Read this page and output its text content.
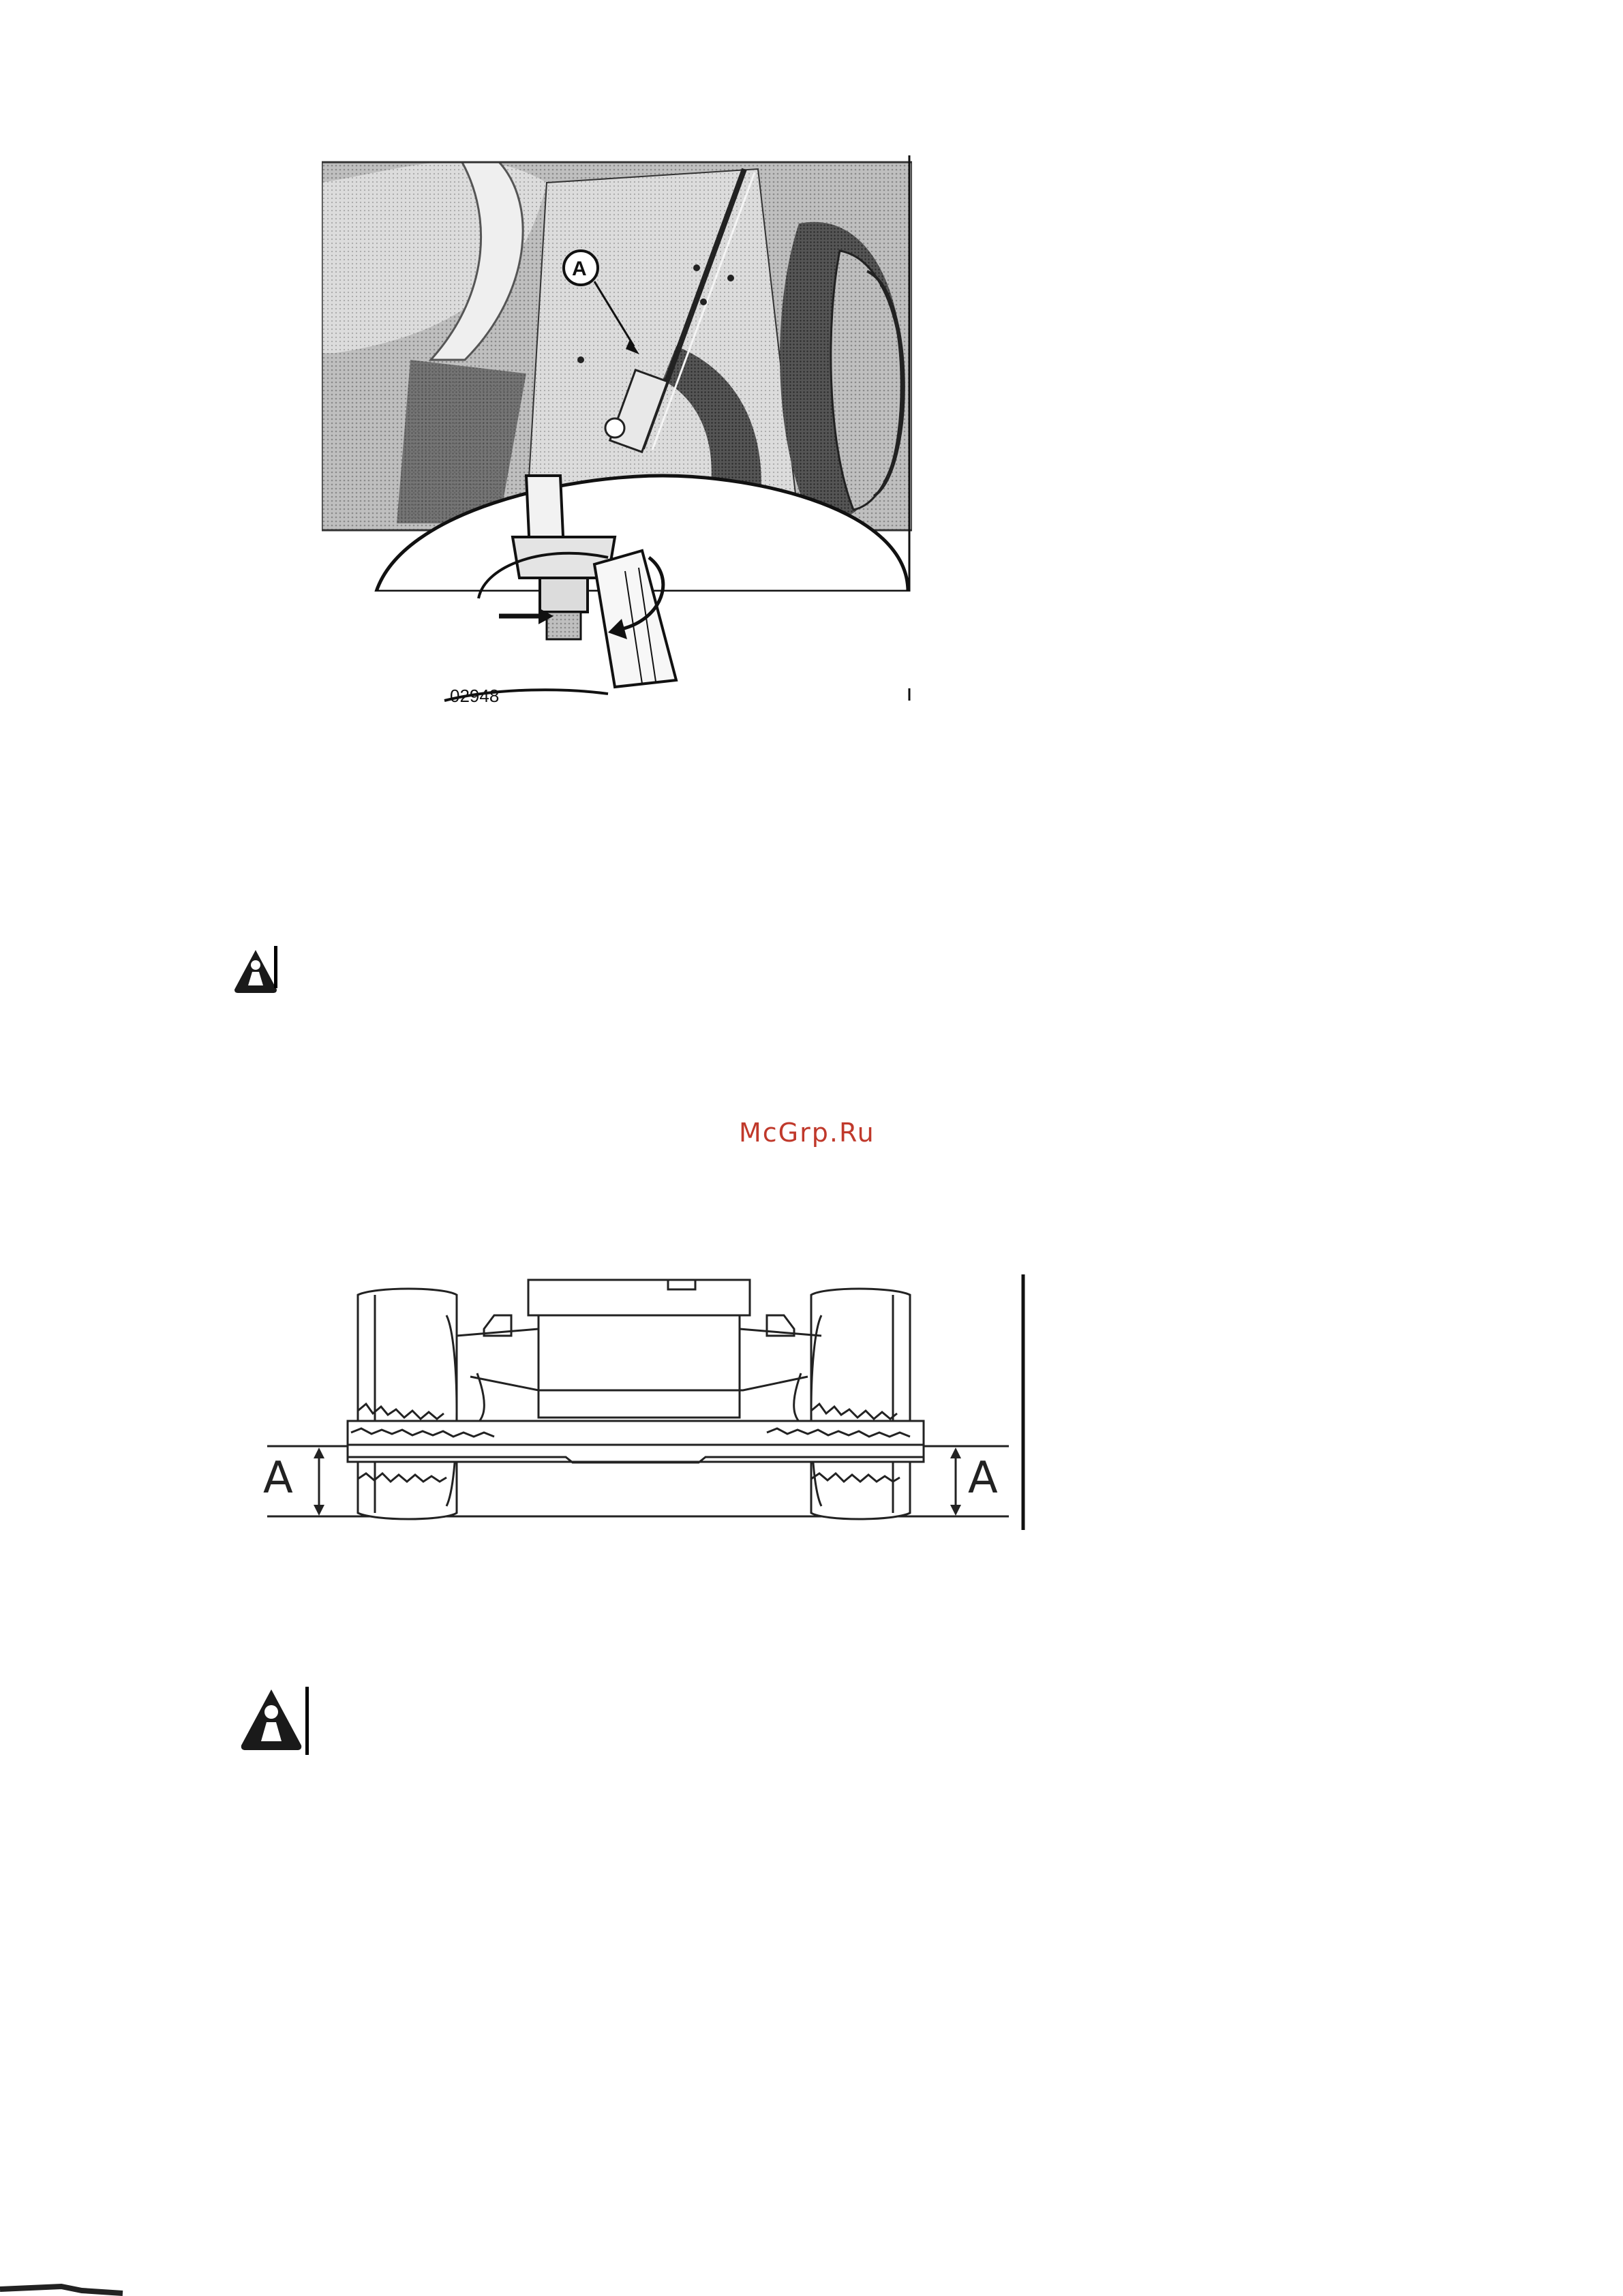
A
02948
McGrp.Ru
A	A
